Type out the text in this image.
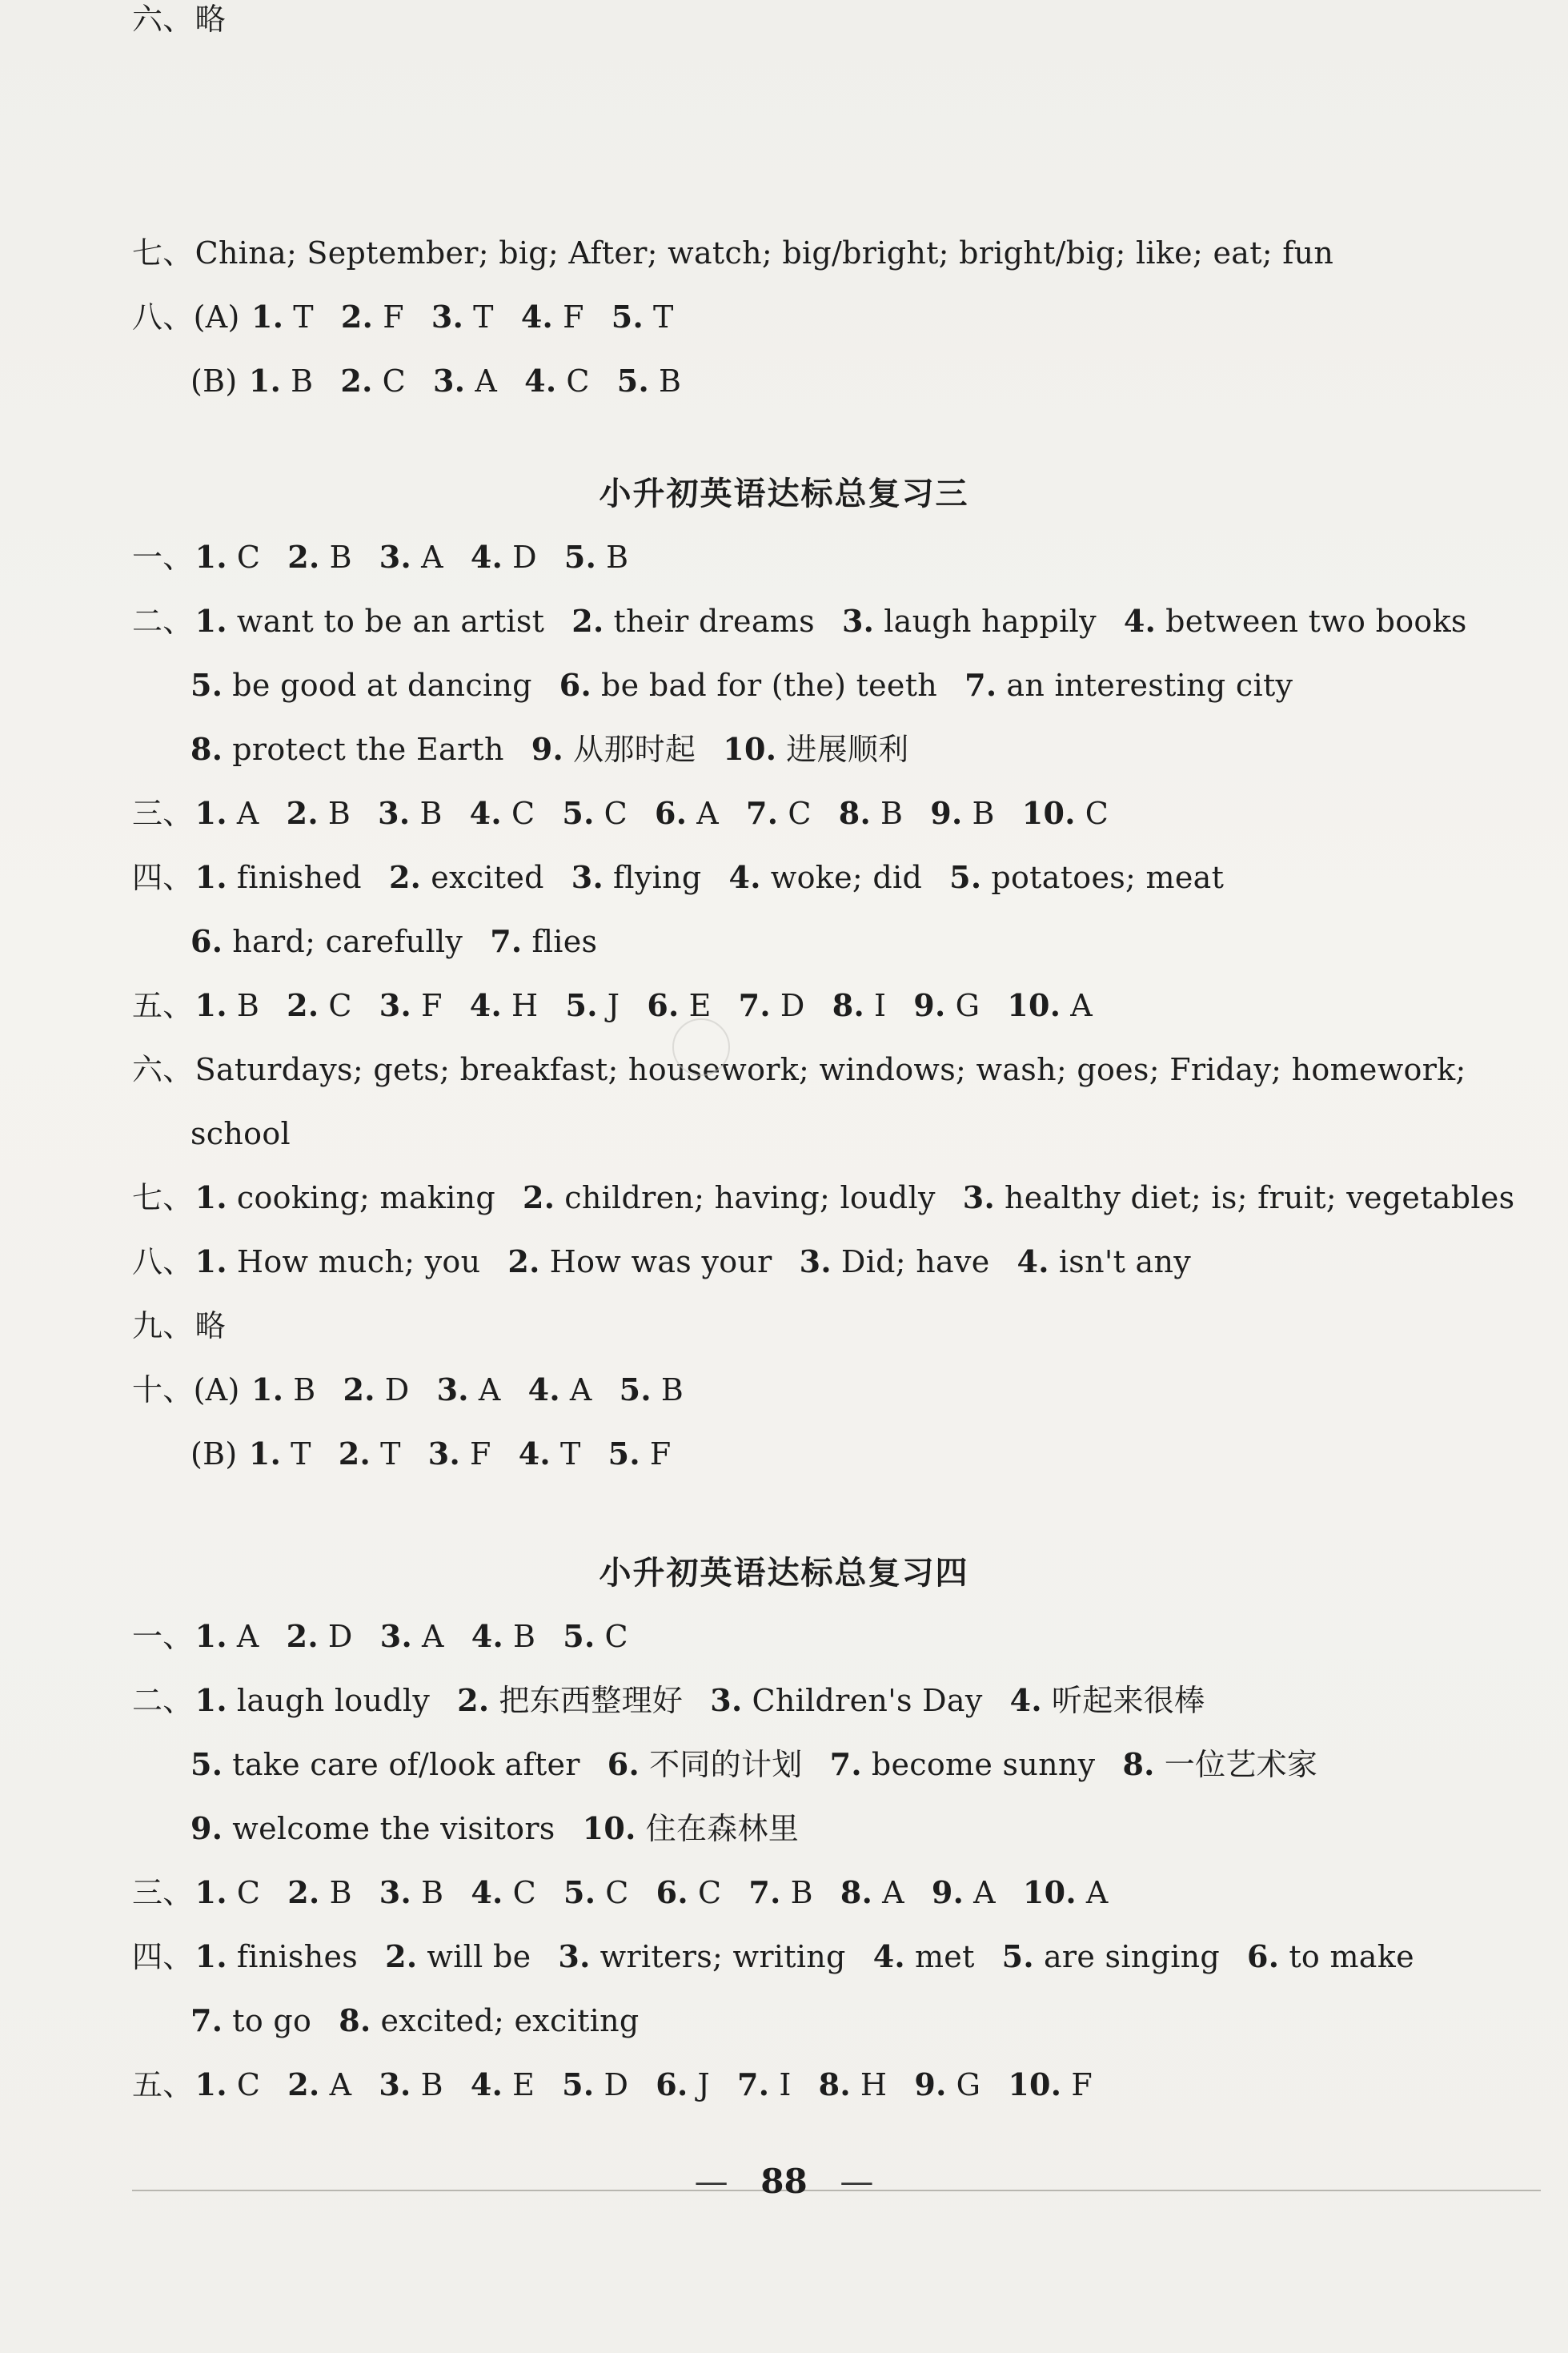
七、China; September; big; After; watch; big/bright; bright/big; like; eat; fun
八、(A) 1. T 2. F 3. T 4. F 5. T
(B) 1. B 2. C 3. A 4. C 5. B
小升初英语达标总复习三
一、1. C 2. B 3. A 4. D 5. B
二、1. want to be an artist 2. their dreams 3. laugh happily 4. between two books
5. be good at dancing 6. be bad for (the) teeth 7. an interesting city
8. protect the Earth 9. 从那时起 10. 进展顺利
三、1. A 2. B 3. B 4. C 5. C 6. A 7. C 8. B 9. B 10. C
四、1. finished 2. excited 3. flying 4. woke; did 5. potatoes; meat
6. hard; carefully 7. flies
五、1. B 2. C 3. F 4. H 5. J 6. E 7. D 8. I 9. G 10. A
六、Saturdays; gets; breakfast; housework; windows; wash; goes; Friday; homework;
school
七、1. cooking; making 2. children; having; loudly 3. healthy diet; is; fruit; vegetables
八、1. How much; you 2. How was your 3. Did; have 4. isn't any
九、略
十、(A) 1. B 2. D 3. A 4. A 5. B
(B) 1. T 2. T 3. F 4. T 5. F
小升初英语达标总复习四
一、1. A 2. D 3. A 4. B 5. C
二、1. laugh loudly 2. 把东西整理好 3. Children's Day 4. 听起来很棒
5. take care of/look after 6. 不同的计划 7. become sunny 8. 一位艺术家
9. welcome the visitors 10. 住在森林里
三、1. C 2. B 3. B 4. C 5. C 6. C 7. B 8. A 9. A 10. A
四、1. finishes 2. will be 3. writers; writing 4. met 5. are singing 6. to make
7. to go 8. excited; exciting
五、1. C 2. A 3. B 4. E 5. D 6. J 7. I 8. H 9. G 10. F
六、略
— 88 —
